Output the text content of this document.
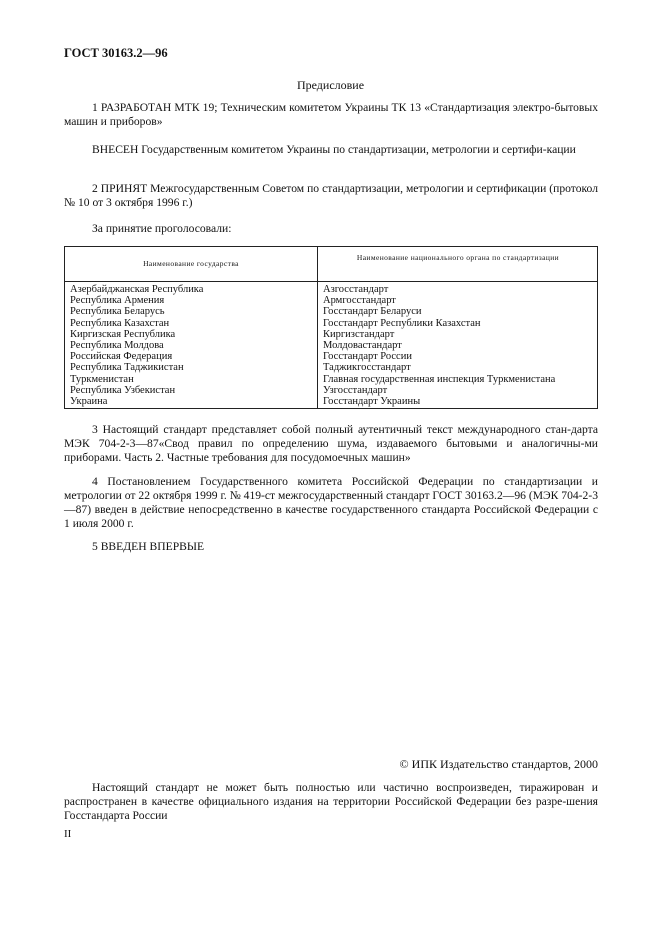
ГОСТ 30163.2—96
Предисловие

1 РАЗРАБОТАН МТК 19; Техническим комитетом Украины ТК 13 «Стандартизация электро-бытовых машин и приборов»

ВНЕСЕН Государственным комитетом Украины по стандартизации, метрологии и сертифи-кации

2 ПРИНЯТ Межгосударственным Советом по стандартизации, метрологии и сертификации (протокол № 10 от 3 октября 1996 г.)

За принятие проголосовали:

Наименование государства
Наименование национального органа по стандартизации
Азербайджанская Республика
Республика Армения
Республика Беларусь
Республика Казахстан
Киргизская Республика
Республика Молдова
Российская Федерация
Республика Таджикистан
Туркменистан
Республика Узбекистан
Украина
Азгосстандарт
Армгосстандарт
Госстандарт Беларуси
Госстандарт Республики Казахстан
Киргизстандарт
Молдовастандарт
Госстандарт России
Таджикгосстандарт
Главная государственная инспекция Туркменистана
Узгосстандарт
Госстандарт Украины

3 Настоящий стандарт представляет собой полный аутентичный текст международного стан-дарта МЭК 704-2-3—87«Свод правил по определению шума, издаваемого бытовыми и аналогичны-ми приборами. Часть 2. Частные требования для посудомоечных машин»

4 Постановлением Государственного комитета Российской Федерации по стандартизации и метрологии от 22 октября 1999 г. № 419-ст межгосударственный стандарт ГОСТ 30163.2—96 (МЭК 704-2-3—87) введен в действие непосредственно в качестве государственного стандарта Российской Федерации с 1 июля 2000 г.

5 ВВЕДЕН ВПЕРВЫЕ

© ИПК Издательство стандартов, 2000

Настоящий стандарт не может быть полностью или частично воспроизведен, тиражирован и распространен в качестве официального издания на территории Российской Федерации без разре-шения Госстандарта России

II
